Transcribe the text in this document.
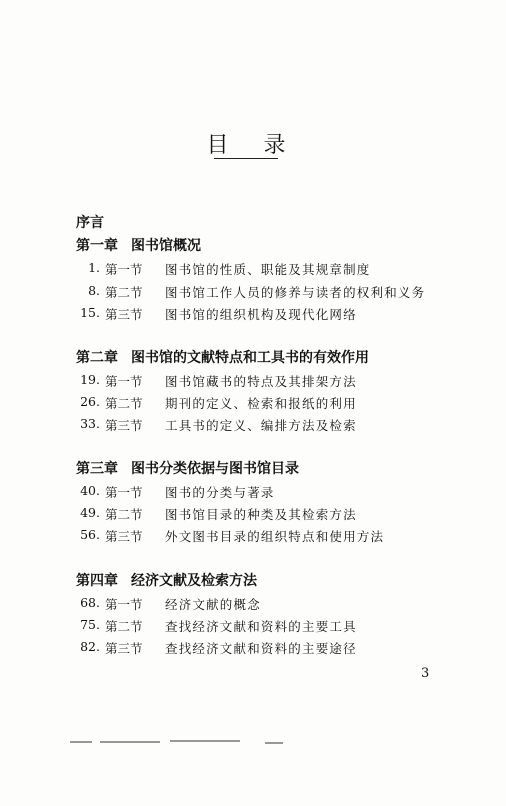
目 录
序言
第一章 图书馆概况
1. 第一节 图书馆的性质、职能及其规章制度
8. 第二节 图书馆工作人员的修养与读者的权利和义务
15. 第三节 图书馆的组织机构及现代化网络
第二章 图书馆的文献特点和工具书的有效作用
19. 第一节 图书馆藏书的特点及其排架方法
26. 第二节 期刊的定义、检索和报纸的利用
33. 第三节 工具书的定义、编排方法及检索
第三章 图书分类依据与图书馆目录
40. 第一节 图书的分类与著录
49. 第二节 图书馆目录的种类及其检索方法
56. 第三节 外文图书目录的组织特点和使用方法
第四章 经济文献及检索方法
68. 第一节 经济文献的概念
75. 第二节 查找经济文献和资料的主要工具
82. 第三节 查找经济文献和资料的主要途径
3
